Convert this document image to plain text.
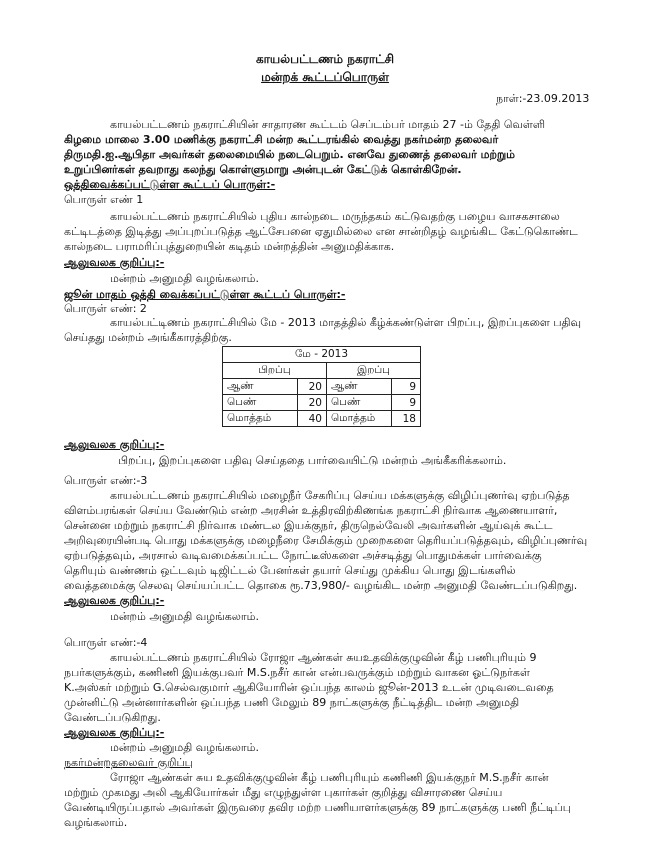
காயல்பட்டணம் நகராட்சி
மன்றக் கூட்டப்பொருள்
நாள்:-23.09.2013
காயல்பட்டணம் நகராட்சியின் சாதாரண கூட்டம் செப்டம்பர் மாதம் 27 -ம் தேதி வெள்ளி
கிழமை மாலை 3.00 மணிக்கு நகராட்சி மன்ற கூட்டரங்கில் வைத்து நகர்மன்ற தலைவர்
திருமதி.ஐ.ஆபிதா அவர்கள் தலைமையில் நடைபெறும். எனவே துணைத் தலைவர் மற்றும்
உறுப்பினர்கள் தவறாது கலந்து கொள்ளுமாறு அன்புடன் கேட்டுக் கொள்கிறேன்.
ஒத்திவைக்கப்பட்டுள்ள கூட்டப் பொருள்:-
பொருள் எண் 1
காயல்பட்டணம் நகராட்சியில் புதிய கால்நடை மருந்தகம் கட்டுவதற்கு பழைய வாசகசாலை
கட்டிடத்தை இடித்து அப்புறப்படுத்த ஆட்சேபனை ஏதுமில்லை என சான்றிதழ் வழங்கிட கேட்டுகொண்ட
கால்நடை பராமரிப்புத்துறையின் கடிதம் மன்றத்தின் அனுமதிக்காக.
ஆலுவலக குறிப்பு:-
மன்றம் அனுமதி வழங்கலாம்.
ஜூன் மாதம் ஒத்தி வைக்கப்பட்டுள்ள கூட்டப் பொருள்:-
பொருள் எண்: 2
காயல்பட்டிணம் நகராட்சியில் மே - 2013 மாதத்தில் கீழ்க்கண்டுள்ள பிறப்பு, இறப்புகளை பதிவு
செய்தது மன்றம் அங்கீகாரத்திற்கு.
மே - 2013			
பிறப்பு		இறப்பு	
ஆண்	20	ஆண்	9
பெண்	20	பெண்	9
மொத்தம்	40	மொத்தம்	18
ஆலுவலக குறிப்பு:-
பிறப்பு, இறப்புகளை பதிவு செய்ததை பார்வையிட்டு மன்றம் அங்கீகரிக்கலாம்.
பொருள் எண்:-3
காயல்பட்டணம் நகராட்சியில் மழைநீர் சேகரிப்பு செய்ய மக்களுக்கு விழிப்புணர்வு ஏற்படுத்த
விளம்பரங்கள் செய்ய வேண்டும் என்ற அரசின் உத்திரவிற்கிணங்க நகராட்சி நிர்வாக ஆணையாளர்,
சென்னை மற்றும் நகராட்சி நிர்வாக மண்டல இயக்குநர், திருநெல்வேலி அவர்களின் ஆய்வுக் கூட்ட
அறிவுரையின்படி பொது மக்களுக்கு மழைநீரை சேமிக்கும் முறைகளை தெரியப்படுத்தவும், விழிப்புணர்வு
ஏற்படுத்தவும், அரசால் வடிவமைக்கப்பட்ட நோட்டீஸ்களை அச்சடித்து பொதுமக்கள் பார்வைக்கு
தெரியும் வண்ணம் ஒட்டவும் டிஜிட்டல் பேனர்கள் தயார் செய்து முக்கிய பொது இடங்களில்
வைத்தமைக்கு செலவு செய்யப்பட்ட தொகை ரூ.73,980/- வழங்கிட மன்ற அனுமதி வேண்டப்படுகிறது.
ஆலுவலக குறிப்பு:-
மன்றம் அனுமதி வழங்கலாம்.
பொருள் எண்:-4
காயல்பட்டணம் நகராட்சியில் ரோஜா ஆண்கள் சுயஉதவிக்குழுவின் கீழ் பணிபுரியும் 9
நபர்களுக்கும், கணிணி இயக்குபவர் M.S.நசீர் கான் என்பவருக்கும் மற்றும் வாகன ஓட்டுநர்கள்
K.அஸ்கர் மற்றும் G.செல்வகுமார் ஆகியோரின் ஒப்பந்த காலம் ஜூன்-2013 உடன் முடிவடைவதை
முன்னிட்டு அன்னார்களின் ஒப்பந்த பணி மேலும் 89 நாட்களுக்கு நீட்டித்திட மன்ற அனுமதி
வேண்டப்படுகிறது.
ஆலுவலக குறிப்பு:-
மன்றம் அனுமதி வழங்கலாம்.
நகர்மன்றதலைவர் குறிப்பு
ரோஜா ஆண்கள் சுய உதவிக்குழுவின் கீழ் பணிபுரியும் கணிணி இயக்குநர் M.S.நசீர் கான்
மற்றும் முகமது அலி ஆகியோர்கள் மீது எழுந்துள்ள புகார்கள் குறித்து விசாரணை செய்ய
வேண்டியிருப்பதால் அவர்கள் இருவரை தவிர மற்ற பணியாளர்களுக்கு 89 நாட்களுக்கு பணி நீட்டிப்பு
வழங்கலாம்.
